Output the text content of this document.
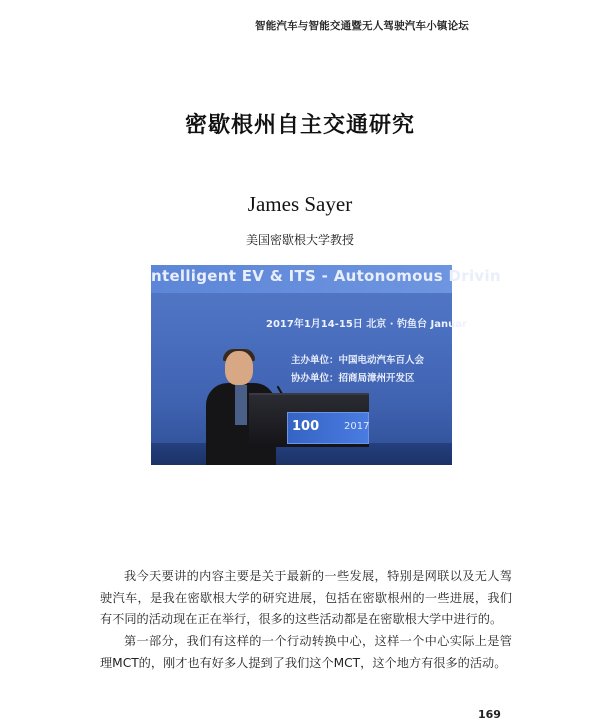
智能汽车与智能交通暨无人驾驶汽车小镇论坛
密歇根州自主交通研究
James Sayer
美国密歇根大学教授
ntelligent EV & ITS - Autonomous Drivin
2017年1月14-15日 北京 · 钓鱼台 Januar
主办单位：中国电动汽车百人会
协办单位：招商局漳州开发区
100 2017

我今天要讲的内容主要是关于最新的一些发展，特别是网联以及无人驾驶汽车，是我在密歇根大学的研究进展，包括在密歇根州的一些进展，我们有不同的活动现在正在举行，很多的这些活动都是在密歇根大学中进行的。

第一部分，我们有这样的一个行动转换中心，这样一个中心实际上是管理MCT的，刚才也有好多人提到了我们这个MCT，这个地方有很多的活动。

169
